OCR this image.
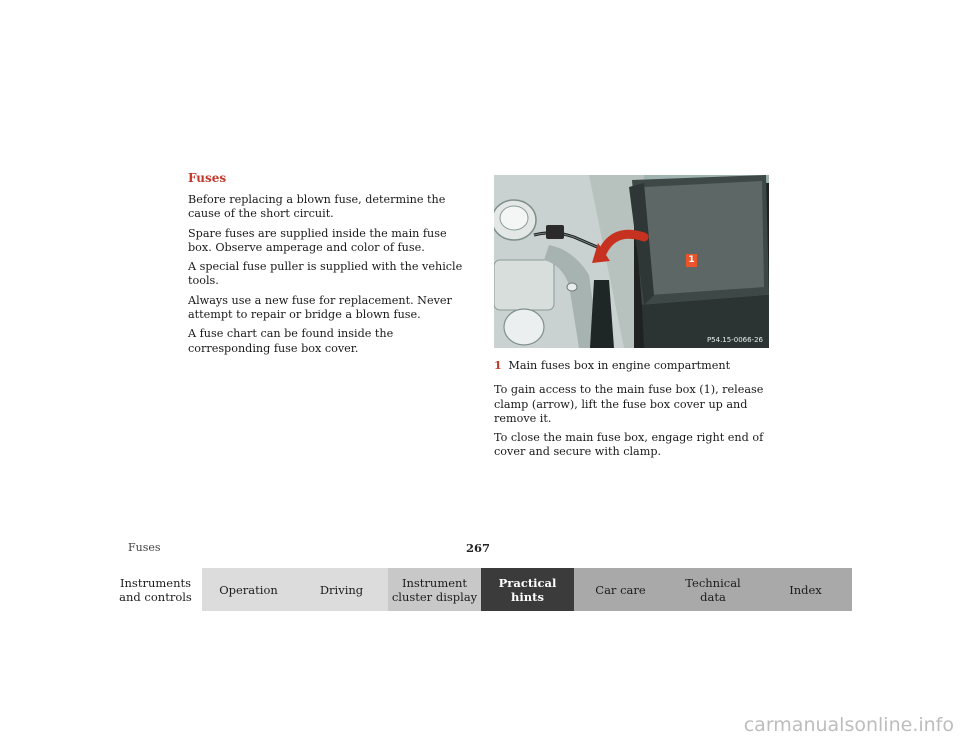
Fuses

Before replacing a blown fuse, determine the cause of the short circuit.

Spare fuses are supplied inside the main fuse box. Observe amperage and color of fuse.

A special fuse puller is supplied with the vehicle tools.

Always use a new fuse for replacement. Never attempt to repair or bridge a blown fuse.

A fuse chart can be found inside the corresponding fuse box cover.

1
P54.15-0066-26

1 Main fuses box in engine compartment

To gain access to the main fuse box (1), release clamp (arrow), lift the fuse box cover up and remove it.

To close the main fuse box, engage right end of cover and secure with clamp.

Fuses	267
Instruments
and controls Operation	Driving	Instrument
cluster display
Practical hints	Car care	Technical
data	Index
carmanualsonline.info
